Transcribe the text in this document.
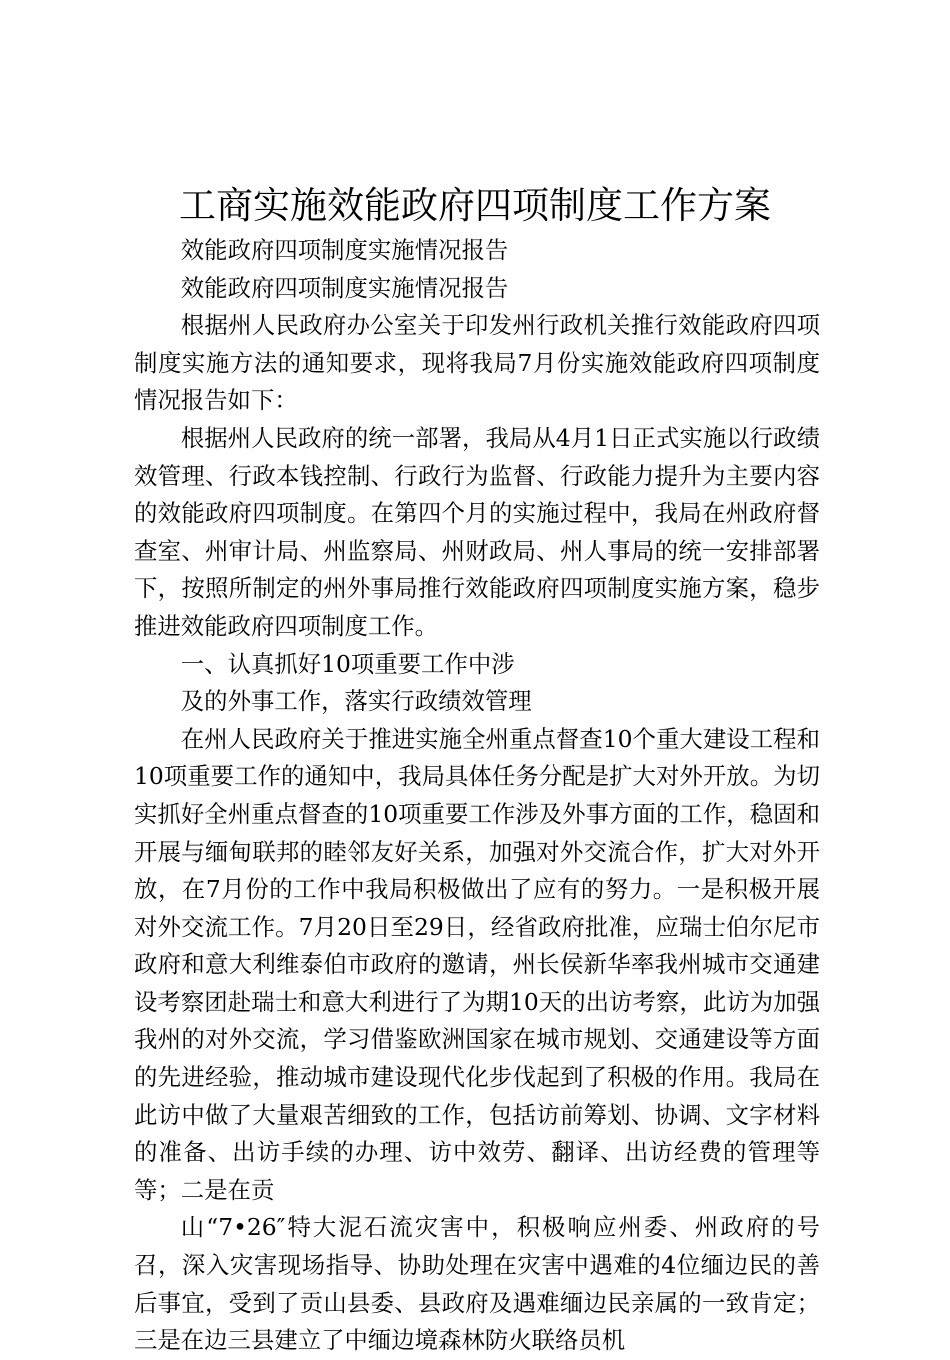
工商实施效能政府四项制度工作方案

效能政府四项制度实施情况报告

效能政府四项制度实施情况报告

根据州人民政府办公室关于印发州行政机关推行效能政府四项制度实施方法的通知要求，现将我局7月份实施效能政府四项制度情况报告如下：

根据州人民政府的统一部署，我局从4月1日正式实施以行政绩效管理、行政本钱控制、行政行为监督、行政能力提升为主要内容的效能政府四项制度。在第四个月的实施过程中，我局在州政府督查室、州审计局、州监察局、州财政局、州人事局的统一安排部署下，按照所制定的州外事局推行效能政府四项制度实施方案，稳步推进效能政府四项制度工作。

一、认真抓好10项重要工作中涉

及的外事工作，落实行政绩效管理

在州人民政府关于推进实施全州重点督查10个重大建设工程和10项重要工作的通知中，我局具体任务分配是扩大对外开放。为切实抓好全州重点督查的10项重要工作涉及外事方面的工作，稳固和开展与缅甸联邦的睦邻友好关系，加强对外交流合作，扩大对外开放，在7月份的工作中我局积极做出了应有的努力。一是积极开展对外交流工作。7月20日至29日，经省政府批准，应瑞士伯尔尼市政府和意大利维泰伯市政府的邀请，州长侯新华率我州城市交通建设考察团赴瑞士和意大利进行了为期10天的出访考察，此访为加强我州的对外交流，学习借鉴欧洲国家在城市规划、交通建设等方面的先进经验，推动城市建设现代化步伐起到了积极的作用。我局在此访中做了大量艰苦细致的工作，包括访前筹划、协调、文字材料的准备、出访手续的办理、访中效劳、翻译、出访经费的管理等等；二是在贡

山“7•26″特大泥石流灾害中，积极响应州委、州政府的号召，深入灾害现场指导、协助处理在灾害中遇难的4位缅边民的善后事宜，受到了贡山县委、县政府及遇难缅边民亲属的一致肯定；三是在边三县建立了中缅边境森林防火联络员机
